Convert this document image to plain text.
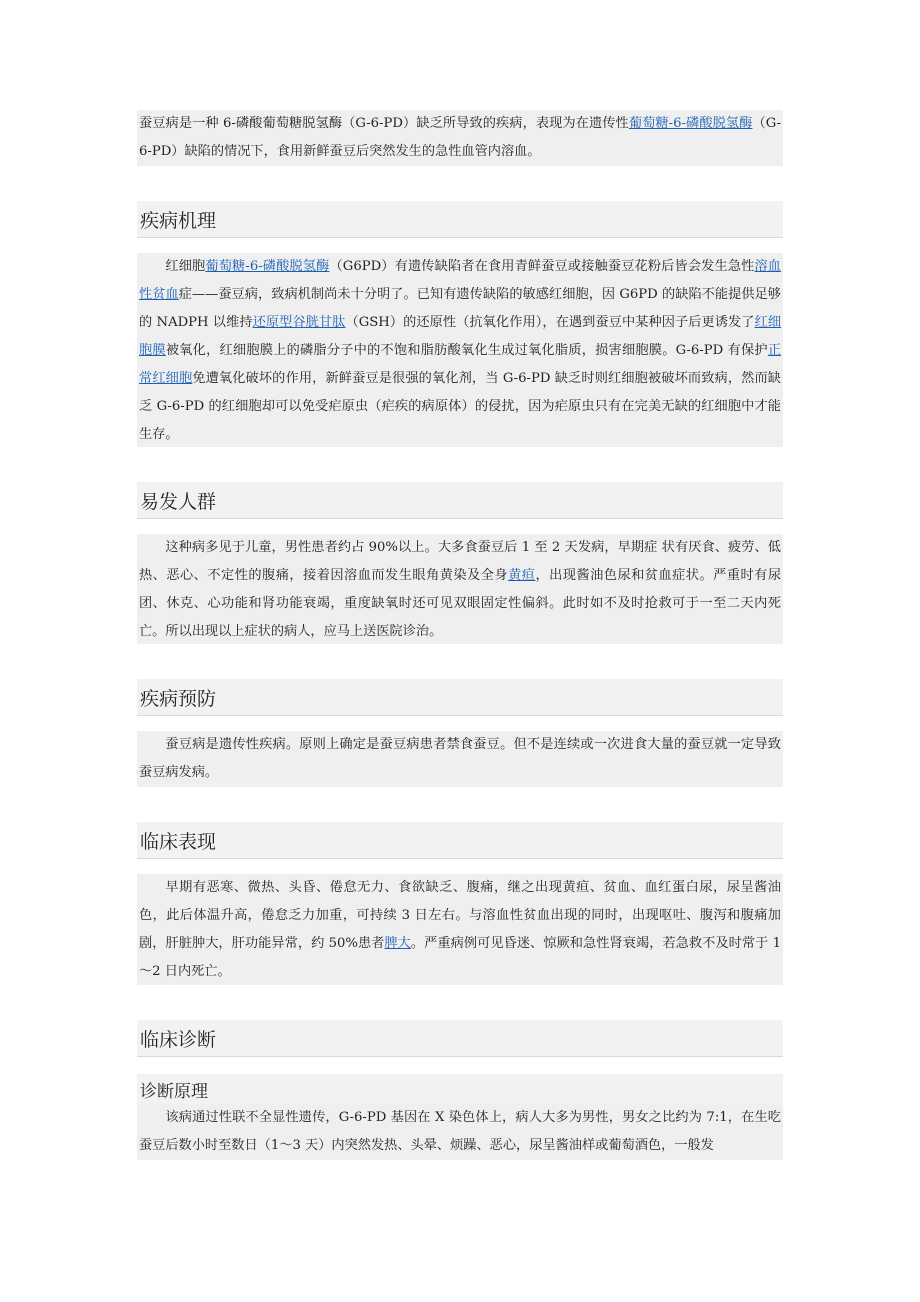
蚕豆病是一种 6-磷酸葡萄糖脱氢酶（G-6-PD）缺乏所导致的疾病，表现为在遗传性葡萄糖-6-磷酸脱氢酶（G-6-PD）缺陷的情况下，食用新鲜蚕豆后突然发生的急性血管内溶血。
疾病机理
红细胞葡萄糖-6-磷酸脱氢酶（G6PD）有遗传缺陷者在食用青鲜蚕豆或接触蚕豆花粉后皆会发生急性溶血性贫血症——蚕豆病，致病机制尚未十分明了。已知有遗传缺陷的敏感红细胞，因 G6PD 的缺陷不能提供足够的 NADPH 以维持还原型谷胱甘肽（GSH）的还原性（抗氧化作用），在遇到蚕豆中某种因子后更诱发了红细胞膜被氧化，红细胞膜上的磷脂分子中的不饱和脂肪酸氧化生成过氧化脂质，损害细胞膜。G-6-PD 有保护正常红细胞免遭氧化破坏的作用，新鲜蚕豆是很强的氧化剂，当 G-6-PD 缺乏时则红细胞被破坏而致病，然而缺乏 G-6-PD 的红细胞却可以免受疟原虫（疟疾的病原体）的侵扰，因为疟原虫只有在完美无缺的红细胞中才能生存。
易发人群
这种病多见于儿童，男性患者约占 90%以上。大多食蚕豆后 1 至 2 天发病，早期症 状有厌食、疲劳、低热、恶心、不定性的腹痛，接着因溶血而发生眼角黄染及全身黄疸，出现酱油色尿和贫血症状。严重时有尿团、休克、心功能和肾功能衰竭，重度缺氧时还可见双眼固定性偏斜。此时如不及时抢救可于一至二天内死亡。所以出现以上症状的病人，应马上送医院诊治。
疾病预防
蚕豆病是遗传性疾病。原则上确定是蚕豆病患者禁食蚕豆。但不是连续或一次进食大量的蚕豆就一定导致蚕豆病发病。
临床表现
早期有恶寒、微热、头昏、倦怠无力、食欲缺乏、腹痛，继之出现黄疸、贫血、血红蛋白尿，尿呈酱油色，此后体温升高，倦怠乏力加重，可持续 3 日左右。与溶血性贫血出现的同时，出现呕吐、腹泻和腹痛加剧，肝脏肿大，肝功能异常，约 50%患者脾大。严重病例可见昏迷、惊厥和急性肾衰竭，若急救不及时常于 1～2 日内死亡。
临床诊断
诊断原理
该病通过性联不全显性遗传，G-6-PD 基因在 X 染色体上，病人大多为男性，男女之比约为 7:1，在生吃蚕豆后数小时至数日（1～3 天）内突然发热、头晕、烦躁、恶心，尿呈酱油样或葡萄酒色，一般发
